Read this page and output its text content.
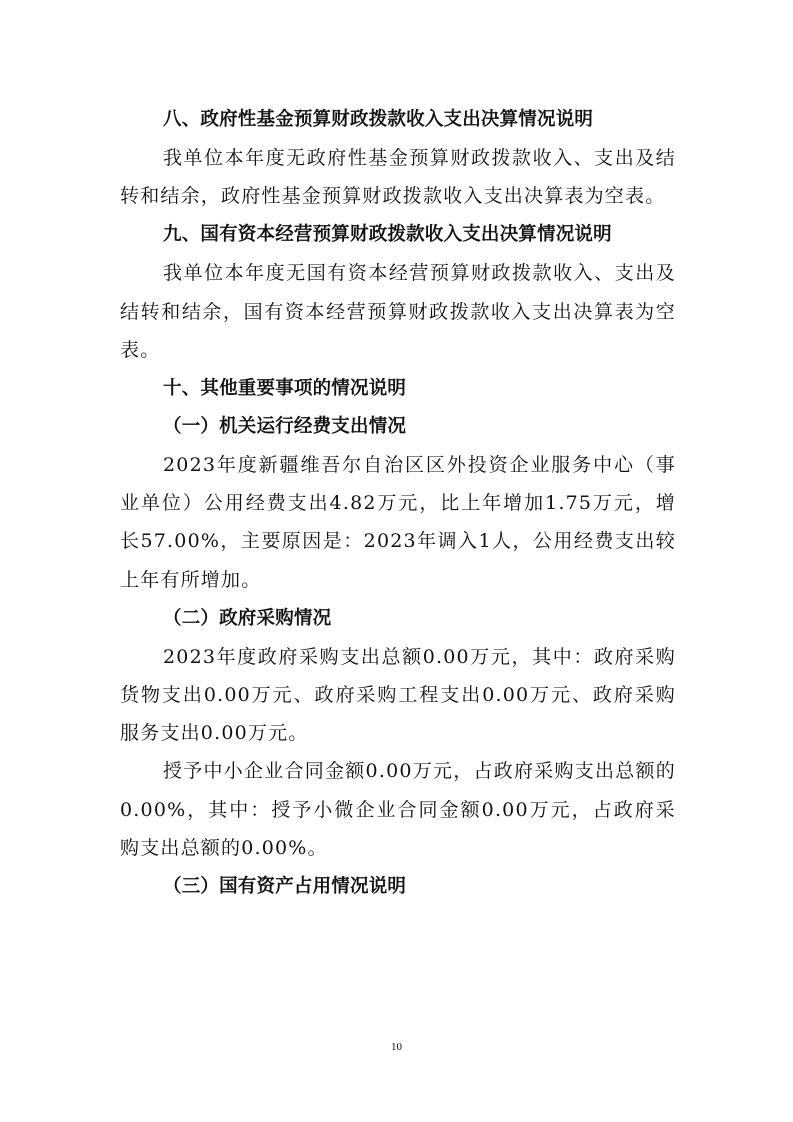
八、政府性基金预算财政拨款收入支出决算情况说明

我单位本年度无政府性基金预算财政拨款收入、支出及结转和结余，政府性基金预算财政拨款收入支出决算表为空表。

九、国有资本经营预算财政拨款收入支出决算情况说明

我单位本年度无国有资本经营预算财政拨款收入、支出及结转和结余，国有资本经营预算财政拨款收入支出决算表为空表。

十、其他重要事项的情况说明
（一）机关运行经费支出情况

2023年度新疆维吾尔自治区区外投资企业服务中心（事业单位）公用经费支出4.82万元，比上年增加1.75万元，增长57.00%，主要原因是：2023年调入1人，公用经费支出较上年有所增加。

（二）政府采购情况

2023年度政府采购支出总额0.00万元，其中：政府采购货物支出0.00万元、政府采购工程支出0.00万元、政府采购服务支出0.00万元。

授予中小企业合同金额0.00万元，占政府采购支出总额的0.00%，其中：授予小微企业合同金额0.00万元，占政府采购支出总额的0.00%。

（三）国有资产占用情况说明
10
